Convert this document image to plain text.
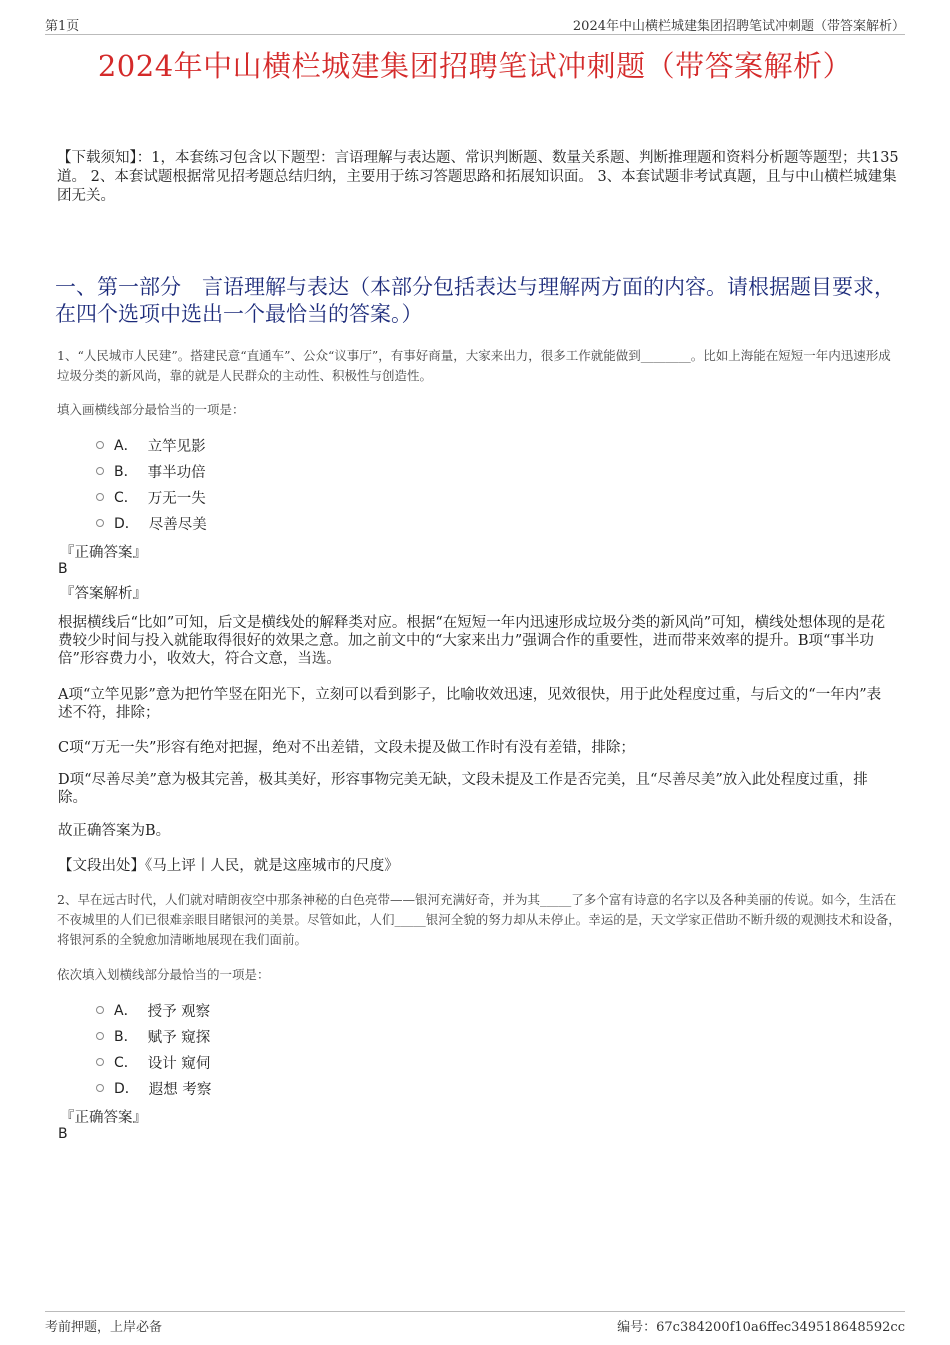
第1页	2024年中山横栏城建集团招聘笔试冲刺题（带答案解析）
2024年中山横栏城建集团招聘笔试冲刺题（带答案解析）
【下载须知】：1，本套练习包含以下题型：言语理解与表达题、常识判断题、数量关系题、判断推理题和资料分析题等题型；共135道。 2、本套试题根据常见招考题总结归纳，主要用于练习答题思路和拓展知识面。 3、本套试题非考试真题，且与中山横栏城建集团无关。
一、第一部分　言语理解与表达（本部分包括表达与理解两方面的内容。请根据题目要求，在四个选项中选出一个最恰当的答案。）
1、“人民城市人民建”。搭建民意“直通车”、公众“议事厅”，有事好商量，大家来出力，很多工作就能做到________。比如上海能在短短一年内迅速形成垃圾分类的新风尚，靠的就是人民群众的主动性、积极性与创造性。
填入画横线部分最恰当的一项是：
A． 立竿见影
B． 事半功倍
C． 万无一失
D． 尽善尽美
『正确答案』
B
『答案解析』
根据横线后“比如”可知，后文是横线处的解释类对应。根据“在短短一年内迅速形成垃圾分类的新风尚”可知，横线处想体现的是花费较少时间与投入就能取得很好的效果之意。加之前文中的“大家来出力”强调合作的重要性，进而带来效率的提升。B项“事半功倍”形容费力小，收效大，符合文意，当选。
A项“立竿见影”意为把竹竿竖在阳光下，立刻可以看到影子，比喻收效迅速，见效很快，用于此处程度过重，与后文的“一年内”表述不符，排除；
C项“万无一失”形容有绝对把握，绝对不出差错，文段未提及做工作时有没有差错，排除；
D项“尽善尽美”意为极其完善，极其美好，形容事物完美无缺，文段未提及工作是否完美，且“尽善尽美”放入此处程度过重，排除。
故正确答案为B。
【文段出处】《马上评丨人民，就是这座城市的尺度》
2、早在远古时代，人们就对晴朗夜空中那条神秘的白色亮带——银河充满好奇，并为其_____了多个富有诗意的名字以及各种美丽的传说。如今，生活在不夜城里的人们已很难亲眼目睹银河的美景。尽管如此，人们_____银河全貌的努力却从未停止。幸运的是，天文学家正借助不断升级的观测技术和设备，将银河系的全貌愈加清晰地展现在我们面前。
依次填入划横线部分最恰当的一项是：
A． 授予 观察
B． 赋予 窥探
C． 设计 窥伺
D． 遐想 考察
『正确答案』
B
考前押题，上岸必备	编号：67c384200f10a6ffec349518648592cc
